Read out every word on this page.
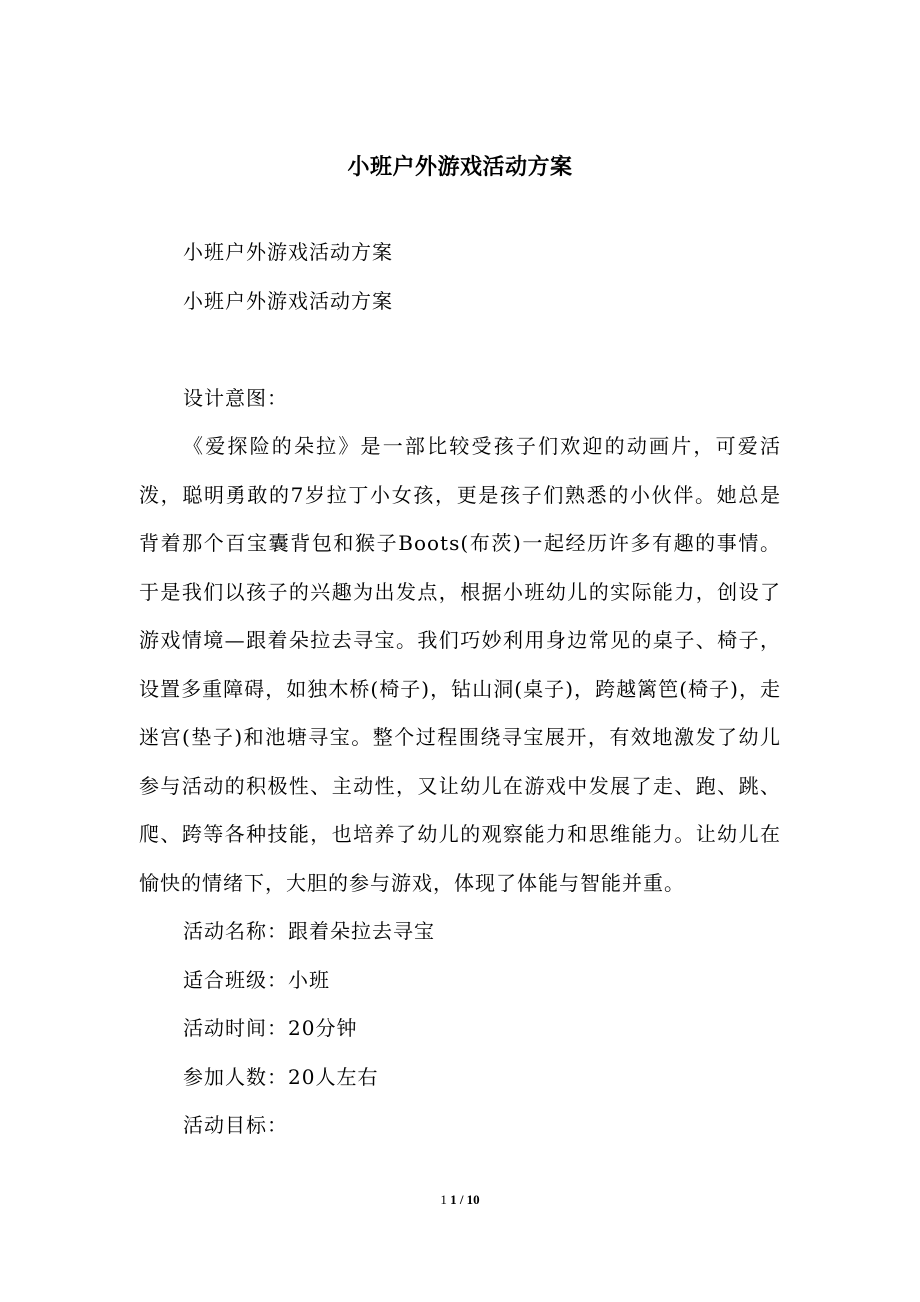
小班户外游戏活动方案

小班户外游戏活动方案

小班户外游戏活动方案

设计意图：

《爱探险的朵拉》是一部比较受孩子们欢迎的动画片，可爱活泼，聪明勇敢的7岁拉丁小女孩，更是孩子们熟悉的小伙伴。她总是背着那个百宝囊背包和猴子Boots(布茨)一起经历许多有趣的事情。于是我们以孩子的兴趣为出发点，根据小班幼儿的实际能力，创设了游戏情境—跟着朵拉去寻宝。我们巧妙利用身边常见的桌子、椅子，设置多重障碍，如独木桥(椅子)，钻山洞(桌子)，跨越篱笆(椅子)，走迷宫(垫子)和池塘寻宝。整个过程围绕寻宝展开，有效地激发了幼儿参与活动的积极性、主动性，又让幼儿在游戏中发展了走、跑、跳、爬、跨等各种技能，也培养了幼儿的观察能力和思维能力。让幼儿在愉快的情绪下，大胆的参与游戏，体现了体能与智能并重。

活动名称：跟着朵拉去寻宝

适合班级：小班

活动时间：20分钟

参加人数：20人左右

活动目标：

1 1 / 10
